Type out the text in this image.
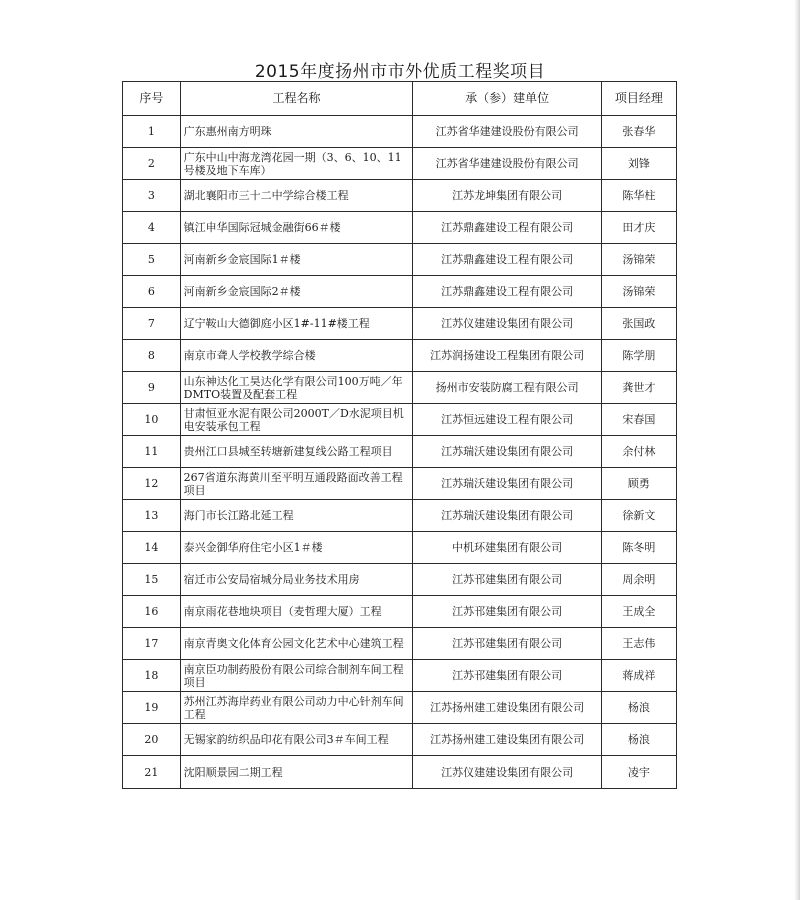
2015年度扬州市市外优质工程奖项目
序号	工程名称	承（参）建单位	项目经理
1	广东惠州南方明珠	江苏省华建建设股份有限公司	张春华
2	广东中山中海龙湾花园一期（3、6、10、11号楼及地下车库）	江苏省华建建设股份有限公司	刘锋
3	湖北襄阳市三十二中学综合楼工程	江苏龙坤集团有限公司	陈华柱
4	镇江申华国际冠城金融街66＃楼	江苏鼎鑫建设工程有限公司	田才庆
5	河南新乡金宸国际1＃楼	江苏鼎鑫建设工程有限公司	汤锦荣
6	河南新乡金宸国际2＃楼	江苏鼎鑫建设工程有限公司	汤锦荣
7	辽宁鞍山大德御庭小区1#-11#楼工程	江苏仪建建设集团有限公司	张国政
8	南京市聋人学校教学综合楼	江苏润扬建设工程集团有限公司	陈学朋
9	山东神达化工昊达化学有限公司100万吨／年DMTO装置及配套工程	扬州市安装防腐工程有限公司	龚世才
10	甘肃恒亚水泥有限公司2000T／D水泥项目机电安装承包工程	江苏恒远建设工程有限公司	宋春国
11	贵州江口县城至转塘新建复线公路工程项目	江苏瑞沃建设集团有限公司	余付林
12	267省道东海黄川至平明互通段路面改善工程项目	江苏瑞沃建设集团有限公司	顾勇
13	海门市长江路北延工程	江苏瑞沃建设集团有限公司	徐新文
14	泰兴金御华府住宅小区1＃楼	中机环建集团有限公司	陈冬明
15	宿迁市公安局宿城分局业务技术用房	江苏邗建集团有限公司	周余明
16	南京雨花巷地块项目（麦哲理大厦）工程	江苏邗建集团有限公司	王成全
17	南京青奥文化体育公园文化艺术中心建筑工程	江苏邗建集团有限公司	王志伟
18	南京臣功制药股份有限公司综合制剂车间工程项目	江苏邗建集团有限公司	蒋成祥
19	苏州江苏海岸药业有限公司动力中心针剂车间工程	江苏扬州建工建设集团有限公司	杨浪
20	无锡家韵纺织品印花有限公司3＃车间工程	江苏扬州建工建设集团有限公司	杨浪
21	沈阳顺景园二期工程	江苏仪建建设集团有限公司	凌宇
